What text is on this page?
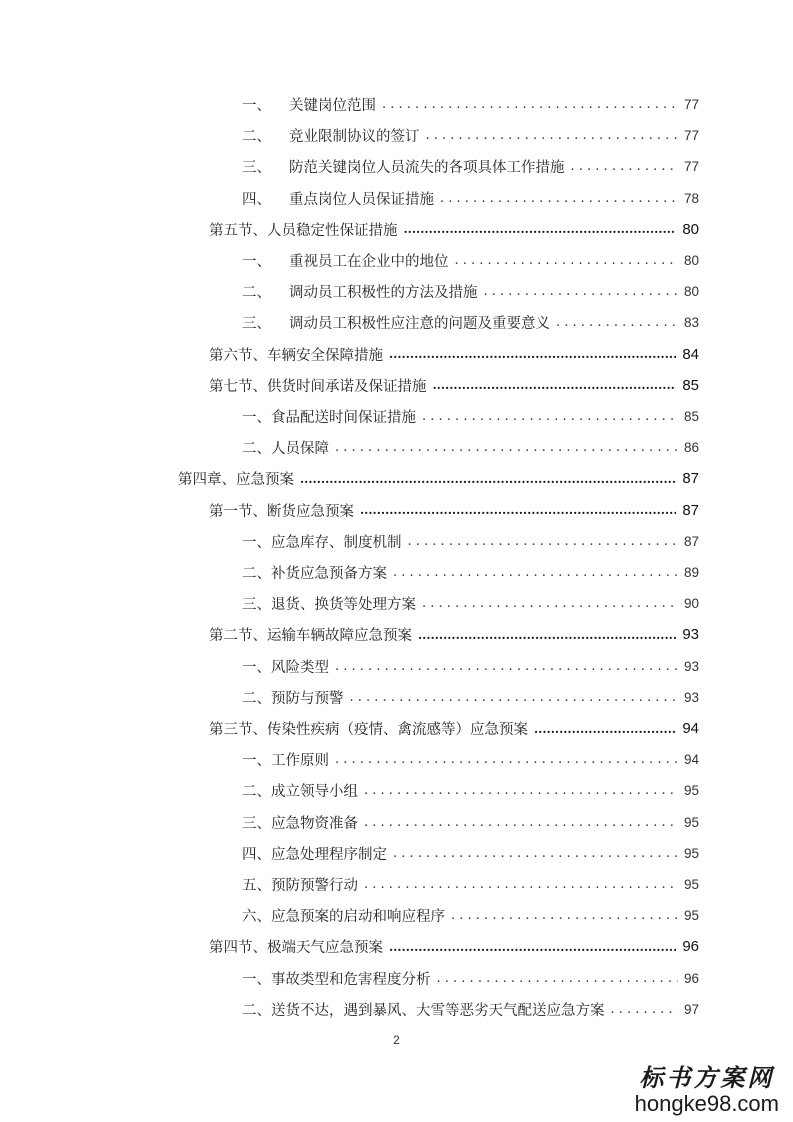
一、 关键岗位范围 . . .	77
二、 竞业限制协议的签订 . . .	77
三、 防范关键岗位人员流失的各项具体工作措施 . . .	77
四、 重点岗位人员保证措施 . . .	78
第五节、人员稳定性保证措施 .....	80
一、 重视员工在企业中的地位 . . .	80
二、 调动员工积极性的方法及措施 . . .	80
三、 调动员工积极性应注意的问题及重要意义 . . .	83
第六节、车辆安全保障措施 .....	84
第七节、供货时间承诺及保证措施 .....	85
一、食品配送时间保证措施 . . .	85
二、人员保障 . . .	86
第四章、应急预案 .....	87
第一节、断货应急预案 .....	87
一、应急库存、制度机制 . . .	87
二、补货应急预备方案 . . .	89
三、退货、换货等处理方案 . . .	90
第二节、运输车辆故障应急预案 .....	93
一、风险类型 . . .	93
二、预防与预警 . . .	93
第三节、传染性疾病（疫情、禽流感等）应急预案 .....	94
一、工作原则 . . .	94
二、成立领导小组 . . .	95
三、应急物资准备 . . .	95
四、应急处理程序制定 . . .	95
五、预防预警行动 . . .	95
六、应急预案的启动和响应程序 . . .	95
第四节、极端天气应急预案 .....	96
一、事故类型和危害程度分析 . . .	96
二、送货不达，遇到暴风、大雪等恶劣天气配送应急方案 . . .	97
2
标书方案网
hongke98.com
